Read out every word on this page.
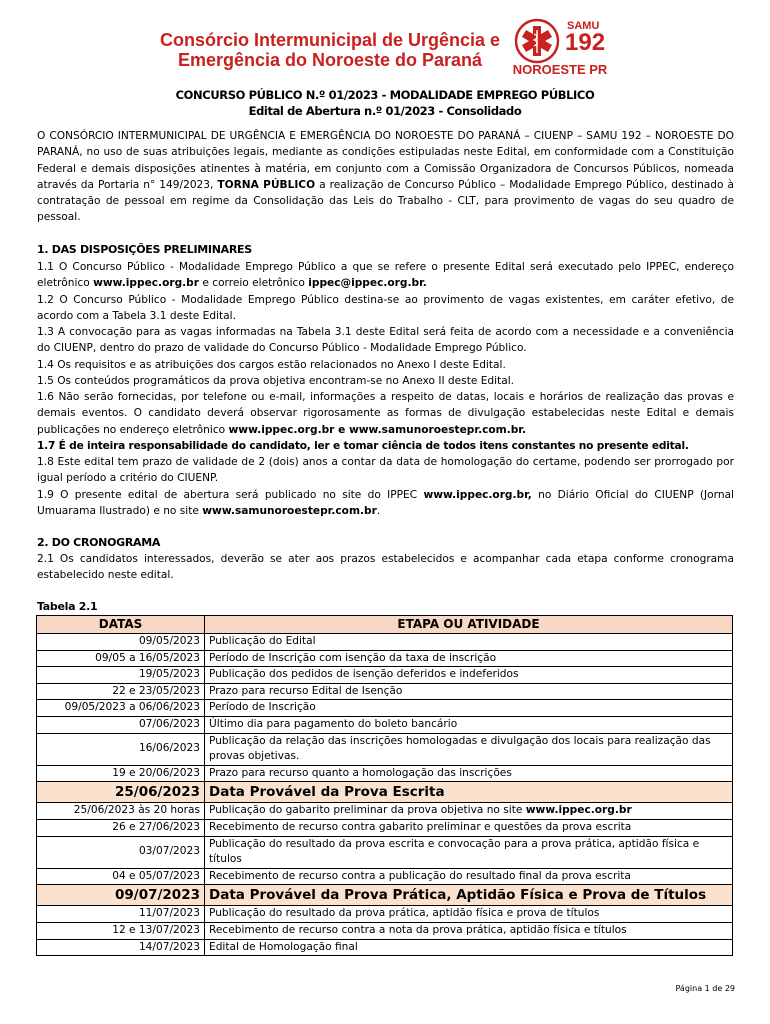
Consórcio Intermunicipal de Urgência e
Emergência do Noroeste do Paraná
SAMU
192
NOROESTE PR
CONCURSO PÚBLICO N.º 01/2023 - MODALIDADE EMPREGO PÚBLICO
Edital de Abertura n.º 01/2023 - Consolidado
O CONSÓRCIO INTERMUNICIPAL DE URGÊNCIA E EMERGÊNCIA DO NOROESTE DO PARANÁ – CIUENP – SAMU 192 – NOROESTE DO PARANÁ, no uso de suas atribuições legais, mediante as condições estipuladas neste Edital, em conformidade com a Constituição Federal e demais disposições atinentes à matéria, em conjunto com a Comissão Organizadora de Concursos Públicos, nomeada através da Portaria n° 149/2023, TORNA PÚBLICO a realização de Concurso Público – Modalidade Emprego Público, destinado à contratação de pessoal em regime da Consolidação das Leis do Trabalho - CLT, para provimento de vagas do seu quadro de pessoal.
1. DAS DISPOSIÇÕES PRELIMINARES
1.1 O Concurso Público - Modalidade Emprego Público a que se refere o presente Edital será executado pelo IPPEC, endereço eletrônico www.ippec.org.br e correio eletrônico ippec@ippec.org.br.
1.2 O Concurso Público - Modalidade Emprego Público destina-se ao provimento de vagas existentes, em caráter efetivo, de acordo com a Tabela 3.1 deste Edital.
1.3 A convocação para as vagas informadas na Tabela 3.1 deste Edital será feita de acordo com a necessidade e a conveniência do CIUENP, dentro do prazo de validade do Concurso Público - Modalidade Emprego Público.
1.4 Os requisitos e as atribuições dos cargos estão relacionados no Anexo I deste Edital.
1.5 Os conteúdos programáticos da prova objetiva encontram-se no Anexo II deste Edital.
1.6 Não serão fornecidas, por telefone ou e-mail, informações a respeito de datas, locais e horários de realização das provas e demais eventos. O candidato deverá observar rigorosamente as formas de divulgação estabelecidas neste Edital e demais publicações no endereço eletrônico www.ippec.org.br e www.samunoroestepr.com.br.
1.7 É de inteira responsabilidade do candidato, ler e tomar ciência de todos itens constantes no presente edital.
1.8 Este edital tem prazo de validade de 2 (dois) anos a contar da data de homologação do certame, podendo ser prorrogado por igual período a critério do CIUENP.
1.9 O presente edital de abertura será publicado no site do IPPEC www.ippec.org.br, no Diário Oficial do CIUENP (Jornal Umuarama Ilustrado) e no site www.samunoroestepr.com.br.
2. DO CRONOGRAMA
2.1 Os candidatos interessados, deverão se ater aos prazos estabelecidos e acompanhar cada etapa conforme cronograma estabelecido neste edital.
Tabela 2.1
DATAS	ETAPA OU ATIVIDADE
09/05/2023	Publicação do Edital
09/05 a 16/05/2023	Período de Inscrição com isenção da taxa de inscrição
19/05/2023	Publicação dos pedidos de isenção deferidos e indeferidos
22 e 23/05/2023	Prazo para recurso Edital de Isenção
09/05/2023 a 06/06/2023	Período de Inscrição
07/06/2023	Último dia para pagamento do boleto bancário
16/06/2023	Publicação da relação das inscrições homologadas e divulgação dos locais para realização das provas objetivas.
19 e 20/06/2023	Prazo para recurso quanto a homologação das inscrições
25/06/2023	Data Provável da Prova Escrita
25/06/2023 às 20 horas	Publicação do gabarito preliminar da prova objetiva no site www.ippec.org.br
26 e 27/06/2023	Recebimento de recurso contra gabarito preliminar e questões da prova escrita
03/07/2023	Publicação do resultado da prova escrita e convocação para a prova prática, aptidão física e títulos
04 e 05/07/2023	Recebimento de recurso contra a publicação do resultado final da prova escrita
09/07/2023	Data Provável da Prova Prática, Aptidão Física e Prova de Títulos
11/07/2023	Publicação do resultado da prova prática, aptidão física e prova de títulos
12 e 13/07/2023	Recebimento de recurso contra a nota da prova prática, aptidão física e títulos
14/07/2023	Edital de Homologação final
Página 1 de 29
